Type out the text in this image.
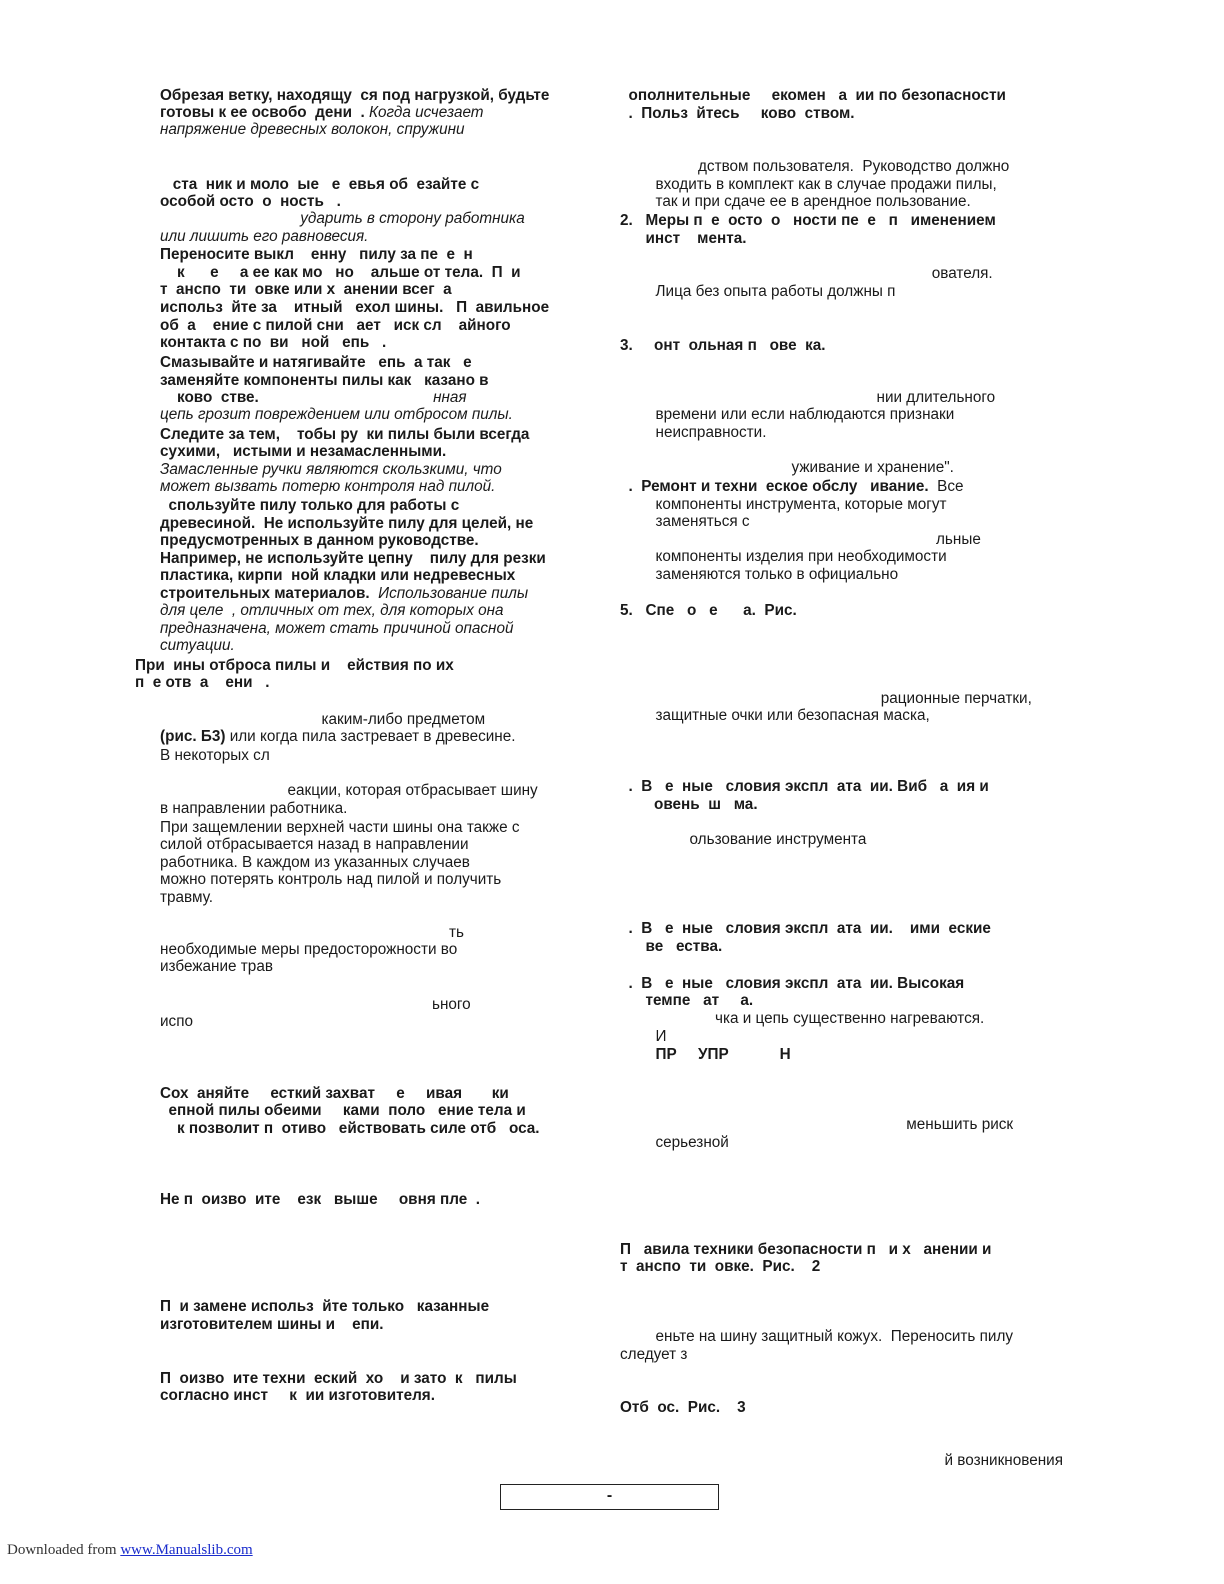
Обрезая ветку, находящу  ся под нагрузкой, будьте
готовы к ее освобо  дени  . Когда исчезает
напряжение древесных волокон, спружини
ста  ник и моло  ые   е  евья об  езайте с
особой осто  о  ность   .
ударить в сторону работника
или лишить его равновесия.
Переносите выкл    енну   пилу за пе  е  н
к      е     а ее как мо   но    альше от тела.  П  и
т  анспо  ти  овке или х  анении всег  а
использ  йте за    итный   ехол шины.   П  авильное
об  а    ение с пилой сни   ает   иск сл    айного
контакта с по  ви   ной   епь   .
Смазывайте и натягивайте   епь  а так   е
заменяйте компоненты пилы как   казано в
ково  стве.                                         нная
цепь грозит повреждением или отбросом пилы.
Следите за тем,    тобы ру  ки пилы были всегда
сухими,   истыми и незамасленными.
Замасленные ручки являются скользкими, что
может вызвать потерю контроля над пилой.
спользуйте пилу только для работы с
древесиной.  Не используйте пилу для целей, не
предусмотренных в данном руководстве.
Например, не используйте цепну    пилу для резки
пластика, кирпи  ной кладки или недревесных
строительных материалов.  Использование пилы
для целе  , отличных от тех, для которых она
предназначена, может стать причиной опасной
ситуации.
При  ины отброса пилы и    ействия по их
п  е отв  а    ени   .
каким-либо предметом
(рис. Б3) или когда пила застревает в древесине.
В некоторых сл
еакции, которая отбрасывает шину
в направлении работника.
При защемлении верхней части шины она также с
силой отбрасывается назад в направлении
работника. В каждом из указанных случаев
можно потерять контроль над пилой и получить
травму.
ть
необходимые меры предосторожности во
избежание трав
ьного
испо
Сох  аняйте     есткий захват     е     ивая       ки
епной пилы обеими     ками  поло   ение тела и
к позволит п  отиво   ействовать силе отб   оса.
Не п  оизво  ите    езк   выше     овня пле  .
П  и замене использ  йте только   казанные
изготовителем шины и    епи.
П  оизво  ите техни  еский  хо    и зато  к   пилы
согласно инст     к  ии изготовителя.
ополнительные     екомен   а  ии по безопасности
.  Польз  йтесь     ково  ством.
дством пользователя.  Руководство должно
входить в комплект как в случае продажи пилы,
так и при сдаче ее в арендное пользование.
2.   Меры п  е  осто  о   ности пе  е   п   именением
инст    мента.
ователя.
Лица без опыта работы должны п
3.     онт  ольная п   ове  ка.
нии длительного
времени или если наблюдаются признаки
неисправности.
уживание и хранение".
.  Ремонт и техни  еское обслу   ивание.  Все
компоненты инструмента, которые могут
заменяться с
льные
компоненты изделия при необходимости
заменяются только в официально
5.   Спе   о   е      а.  Рис.
рационные перчатки,
защитные очки или безопасная маска,
.  В   е  ные   словия экспл  ата  ии. Виб   а  ия и
овень  ш   ма.
ользование инструмента
.  В   е  ные   словия экспл  ата  ии.    ими  еские
ве   ества.
.  В   е  ные   словия экспл  ата  ии. Высокая
темпе   ат     а.
чка и цепь существенно нагреваются.
И
ПР     УПР            Н
меньшить риск
серьезной
П   авила техники безопасности п   и х   анении и
т  анспо  ти  овке.  Рис.    2
еньте на шину защитный кожух.  Переносить пилу
следует з
Отб  ос.  Рис.    3
й возникновения
-
Downloaded from www.Manualslib.com
